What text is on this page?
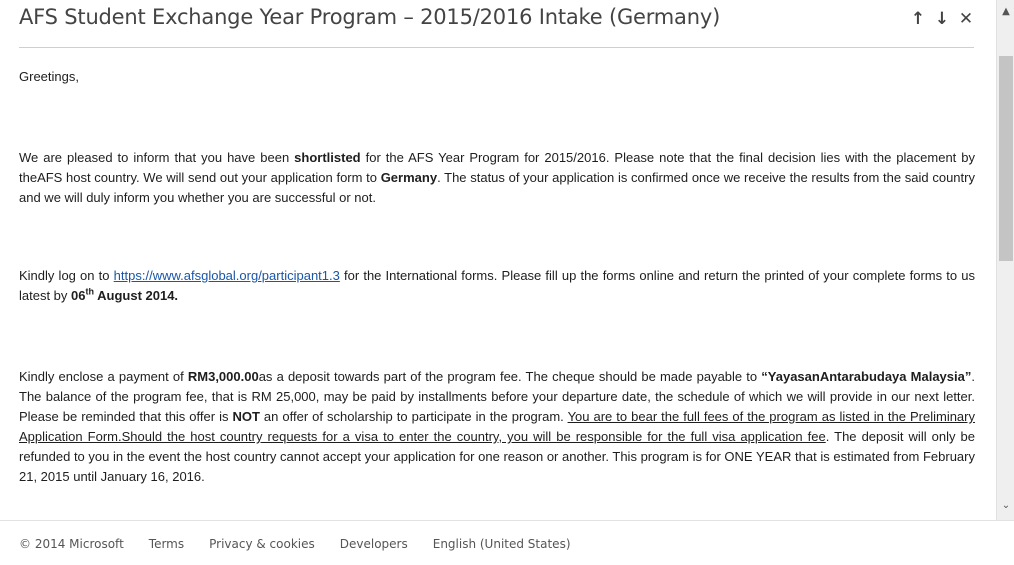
AFS Student Exchange Year Program – 2015/2016 Intake (Germany)	↑ ↓ ✕

Greetings,

We are pleased to inform that you have been shortlisted for the AFS Year Program for 2015/2016. Please note that the final decision lies with the placement by theAFS host country. We will send out your application form to Germany. The status of your application is confirmed once we receive the results from the said country and we will duly inform you whether you are successful or not.

Kindly log on to https://www.afsglobal.org/participant1.3 for the International forms. Please fill up the forms online and return the printed of your complete forms to us latest by 06th August 2014.

Kindly enclose a payment of RM3,000.00as a deposit towards part of the program fee. The cheque should be made payable to “YayasanAntarabudaya Malaysia”. The balance of the program fee, that is RM 25,000, may be paid by installments before your departure date, the schedule of which we will provide in our next letter. Please be reminded that this offer is NOT an offer of scholarship to participate in the program. You are to bear the full fees of the program as listed in the Preliminary Application Form.Should the host country requests for a visa to enter the country, you will be responsible for the full visa application fee. The deposit will only be refunded to you in the event the host country cannot accept your application for one reason or another. This program is for ONE YEAR that is estimated from February 21, 2015 until January 16, 2016.

▲
⌄
© 2014 Microsoft Terms Privacy & cookies Developers English (United States)
